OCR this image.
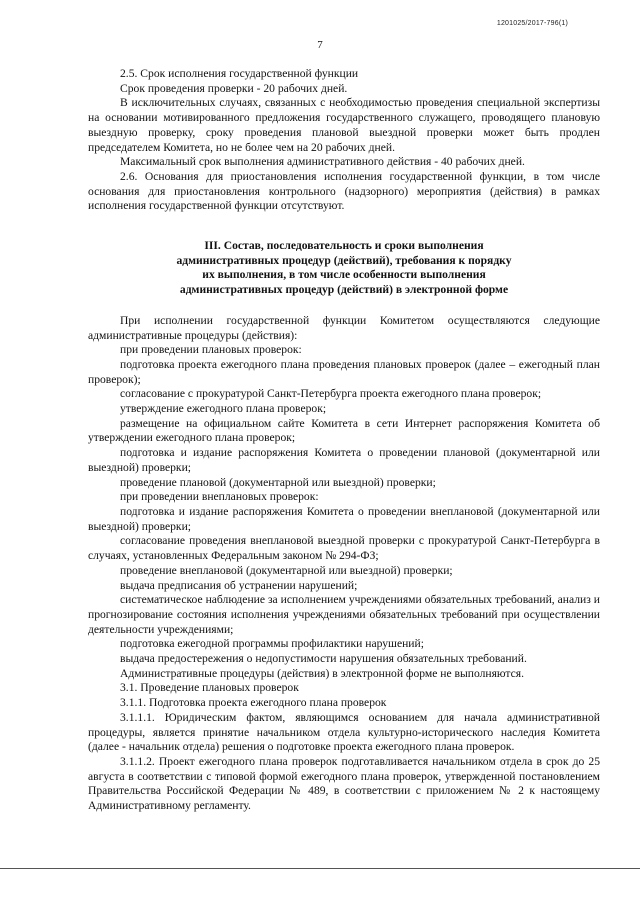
1201025/2017-796(1)
7

2.5. Срок исполнения государственной функции

Срок проведения проверки - 20 рабочих дней.

В исключительных случаях, связанных с необходимостью проведения специальной экспертизы на основании мотивированного предложения государственного служащего, проводящего плановую выездную проверку, сроку проведения плановой выездной проверки может быть продлен председателем Комитета, но не более чем на 20 рабочих дней.

Максимальный срок выполнения административного действия - 40 рабочих дней.

2.6. Основания для приостановления исполнения государственной функции, в том числе основания для приостановления контрольного (надзорного) мероприятия (действия) в рамках исполнения государственной функции отсутствуют.

III. Состав, последовательность и сроки выполнения
административных процедур (действий), требования к порядку
их выполнения, в том числе особенности выполнения
административных процедур (действий) в электронной форме

При исполнении государственной функции Комитетом осуществляются следующие административные процедуры (действия):

при проведении плановых проверок:

подготовка проекта ежегодного плана проведения плановых проверок (далее – ежегодный план проверок);

согласование с прокуратурой Санкт-Петербурга проекта ежегодного плана проверок;

утверждение ежегодного плана проверок;

размещение на официальном сайте Комитета в сети Интернет распоряжения Комитета об утверждении ежегодного плана проверок;

подготовка и издание распоряжения Комитета о проведении плановой (документарной или выездной) проверки;

проведение плановой (документарной или выездной) проверки;

при проведении внеплановых проверок:

подготовка и издание распоряжения Комитета о проведении внеплановой (документарной или выездной) проверки;

согласование проведения внеплановой выездной проверки с прокуратурой Санкт-Петербурга в случаях, установленных Федеральным законом № 294-ФЗ;

проведение внеплановой (документарной или выездной) проверки;

выдача предписания об устранении нарушений;

систематическое наблюдение за исполнением учреждениями обязательных требований, анализ и прогнозирование состояния исполнения учреждениями обязательных требований при осуществлении деятельности учреждениями;

подготовка ежегодной программы профилактики нарушений;

выдача предостережения о недопустимости нарушения обязательных требований.

Административные процедуры (действия) в электронной форме не выполняются.

3.1. Проведение плановых проверок

3.1.1. Подготовка проекта ежегодного плана проверок

3.1.1.1. Юридическим фактом, являющимся основанием для начала административной процедуры, является принятие начальником отдела культурно-исторического наследия Комитета (далее - начальник отдела) решения о подготовке проекта ежегодного плана проверок.

3.1.1.2. Проект ежегодного плана проверок подготавливается начальником отдела в срок до 25 августа в соответствии с типовой формой ежегодного плана проверок, утвержденной постановлением Правительства Российской Федерации № 489, в соответствии с приложением № 2 к настоящему Административному регламенту.
